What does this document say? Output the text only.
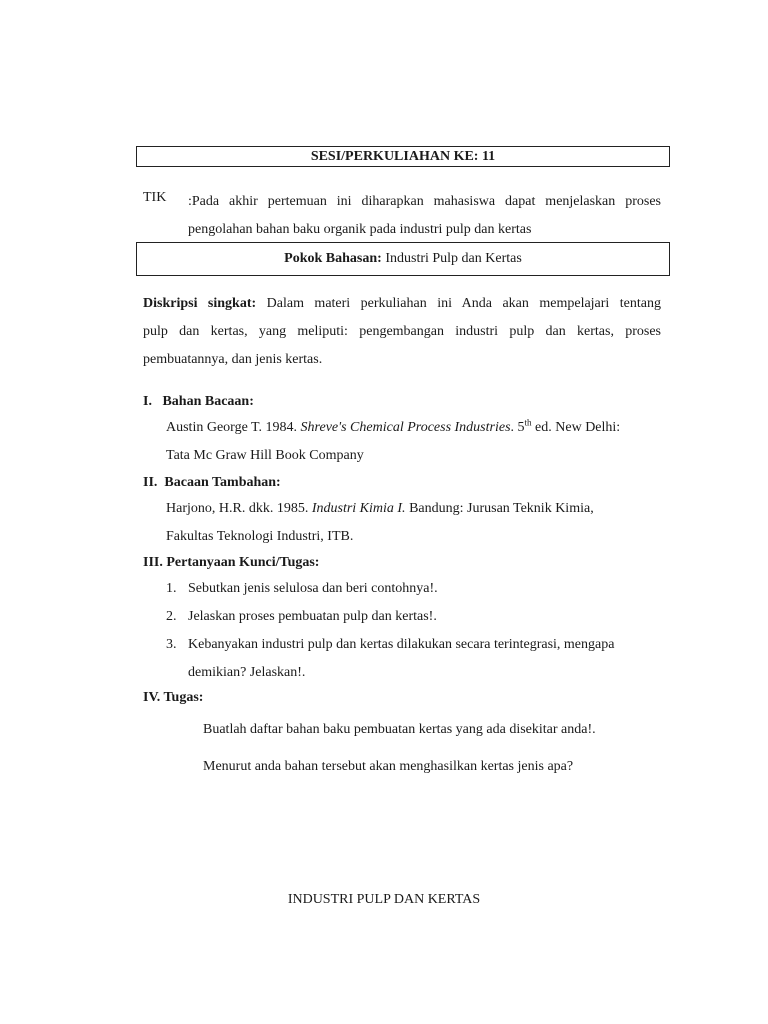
SESI/PERKULIAHAN KE: 11
TIK :Pada akhir pertemuan ini diharapkan mahasiswa dapat menjelaskan proses
pengolahan bahan baku organik pada industri pulp dan kertas
Pokok Bahasan: Industri Pulp dan Kertas
Diskripsi singkat: Dalam materi perkuliahan ini Anda akan mempelajari tentang
pulp dan kertas, yang meliputi: pengembangan industri pulp dan kertas, proses
pembuatannya, dan jenis kertas.
I.   Bahan Bacaan:
Austin George T. 1984. Shreve's Chemical Process Industries. 5th ed. New Delhi:
Tata Mc Graw Hill Book Company
II.  Bacaan Tambahan:
Harjono, H.R. dkk. 1985. Industri Kimia I. Bandung: Jurusan Teknik Kimia,
Fakultas Teknologi Industri, ITB.
III. Pertanyaan Kunci/Tugas:
1. Sebutkan jenis selulosa dan beri contohnya!.
2. Jelaskan proses pembuatan pulp dan kertas!.
3. Kebanyakan industri pulp dan kertas dilakukan secara terintegrasi, mengapa demikian? Jelaskan!.
IV. Tugas:
Buatlah daftar bahan baku pembuatan kertas yang ada disekitar anda!.
Menurut anda bahan tersebut akan menghasilkan kertas jenis apa?
INDUSTRI PULP DAN KERTAS
